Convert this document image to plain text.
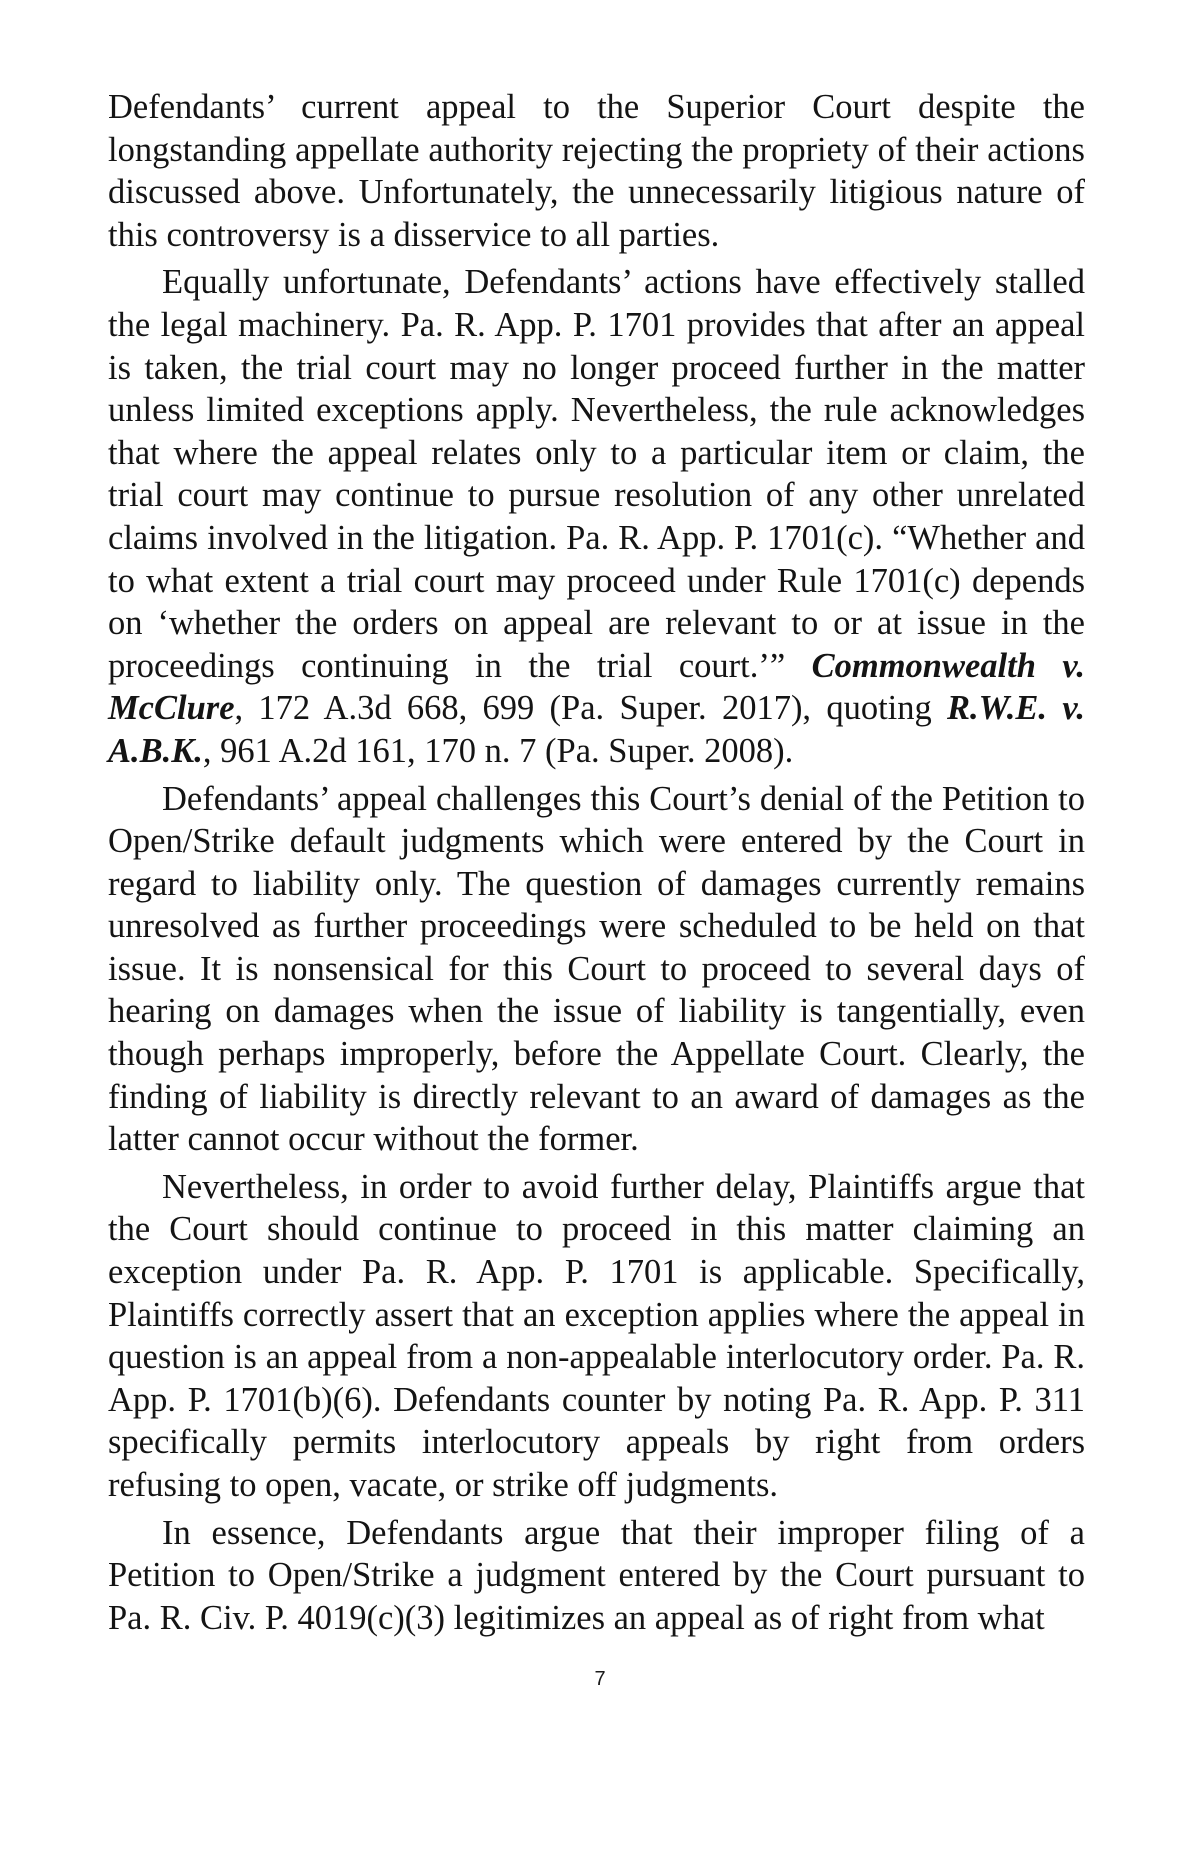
Defendants’ current appeal to the Superior Court despite the longstanding appellate authority rejecting the propriety of their actions discussed above. Unfortunately, the unnecessarily litigious nature of this controversy is a disservice to all parties.

Equally unfortunate, Defendants’ actions have effectively stalled the legal machinery. Pa. R. App. P. 1701 provides that after an appeal is taken, the trial court may no longer proceed further in the matter unless limited exceptions apply. Nevertheless, the rule acknowledges that where the appeal relates only to a particular item or claim, the trial court may continue to pursue resolution of any other unrelated claims involved in the litigation. Pa. R. App. P. 1701(c). “Whether and to what extent a trial court may proceed under Rule 1701(c) depends on ‘whether the orders on appeal are relevant to or at issue in the proceedings continuing in the trial court.’” Commonwealth v. McClure, 172 A.3d 668, 699 (Pa. Super. 2017), quoting R.W.E. v. A.B.K., 961 A.2d 161, 170 n. 7 (Pa. Super. 2008).

Defendants’ appeal challenges this Court’s denial of the Petition to Open/Strike default judgments which were entered by the Court in regard to liability only. The question of damages currently remains unresolved as further proceedings were scheduled to be held on that issue. It is nonsensical for this Court to proceed to several days of hearing on damages when the issue of liability is tangentially, even though perhaps improperly, before the Appellate Court. Clearly, the finding of liability is directly relevant to an award of damages as the latter cannot occur without the former.

Nevertheless, in order to avoid further delay, Plaintiffs argue that the Court should continue to proceed in this matter claiming an exception under Pa. R. App. P. 1701 is applicable. Specifically, Plaintiffs correctly assert that an exception applies where the appeal in question is an appeal from a non-appealable interlocutory order. Pa. R. App. P. 1701(b)(6). Defendants counter by noting Pa. R. App. P. 311 specifically permits interlocutory appeals by right from orders refusing to open, vacate, or strike off judgments.

In essence, Defendants argue that their improper filing of a Petition to Open/Strike a judgment entered by the Court pursuant to Pa. R. Civ. P. 4019(c)(3) legitimizes an appeal as of right from what

7
